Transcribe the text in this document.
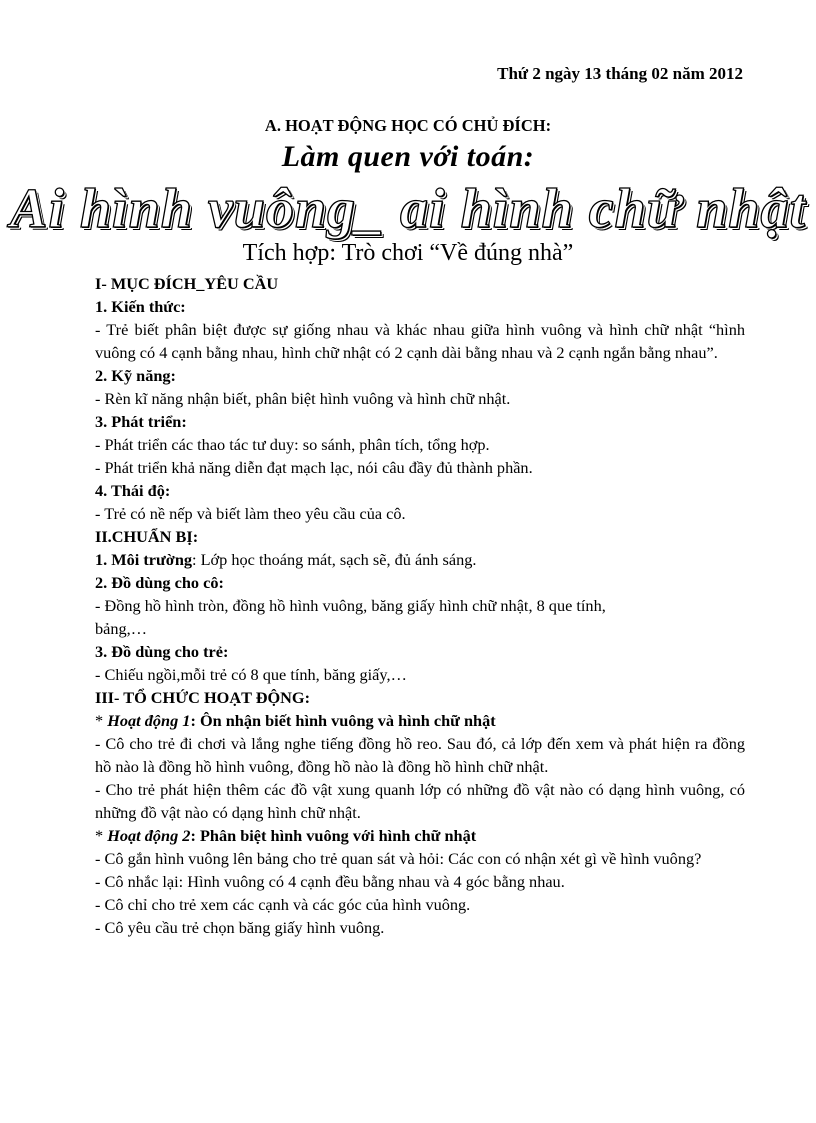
Thứ 2 ngày 13 tháng 02 năm 2012
A. HOẠT ĐỘNG HỌC CÓ CHỦ ĐÍCH:
Làm quen với toán:
Ai hình vuông_ ai hình chữ nhật
Tích hợp: Trò chơi “Về đúng nhà”

I- MỤC ĐÍCH_YÊU CẦU

1. Kiến thức:

- Trẻ biết phân biệt được sự giống nhau và khác nhau giữa hình vuông và hình chữ nhật “hình vuông có 4 cạnh bằng nhau, hình chữ nhật có 2 cạnh dài bằng nhau và 2 cạnh ngắn bằng nhau”.

2. Kỹ năng:

- Rèn kĩ năng nhận biết, phân biệt hình vuông và hình chữ nhật.

3. Phát triển:

- Phát triển các thao tác tư duy: so sánh, phân tích, tổng hợp.

- Phát triển khả năng diễn đạt mạch lạc, nói câu đầy đủ thành phần.

4. Thái độ:

- Trẻ có nề nếp và biết làm theo yêu cầu của cô.

II.CHUẨN BỊ:

1. Môi trường: Lớp học thoáng mát, sạch sẽ, đủ ánh sáng.

2. Đồ dùng cho cô:

- Đồng hồ hình tròn, đồng hồ hình vuông, băng giấy hình chữ nhật, 8 que tính,

bảng,…

3. Đồ dùng cho trẻ:

- Chiếu ngồi,mỗi trẻ có 8 que tính, băng giấy,…

III- TỔ CHỨC HOẠT ĐỘNG:

* Hoạt động 1: Ôn nhận biết hình vuông và hình chữ nhật

- Cô cho trẻ đi chơi và lắng nghe tiếng đồng hồ reo. Sau đó, cả lớp đến xem và phát hiện ra đồng hồ nào là đồng hồ hình vuông, đồng hồ nào là đồng hồ hình chữ nhật.

- Cho trẻ phát hiện thêm các đồ vật xung quanh lớp có những đồ vật nào có dạng hình vuông, có những đồ vật nào có dạng hình chữ nhật.

* Hoạt động 2: Phân biệt hình vuông với hình chữ nhật

- Cô gắn hình vuông lên bảng cho trẻ quan sát và hỏi: Các con có nhận xét gì về hình vuông?

- Cô nhắc lại: Hình vuông có 4 cạnh đều bằng nhau và 4 góc bằng nhau.

- Cô chỉ cho trẻ xem các cạnh và các góc của hình vuông.

- Cô yêu cầu trẻ chọn băng giấy hình vuông.
